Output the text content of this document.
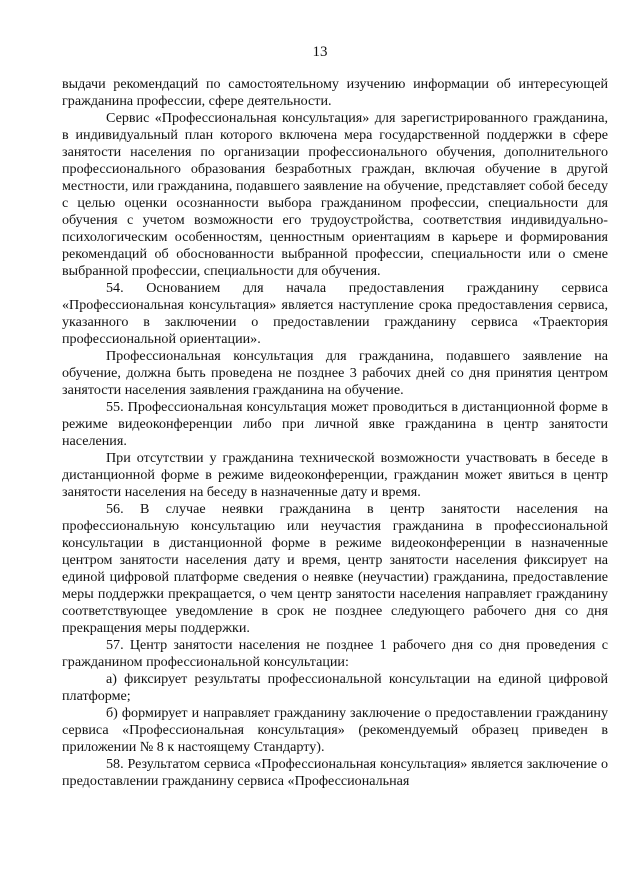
13

выдачи рекомендаций по самостоятельному изучению информации об интересующей гражданина профессии, сфере деятельности.

Сервис «Профессиональная консультация» для зарегистрированного гражданина, в индивидуальный план которого включена мера государственной поддержки в сфере занятости населения по организации профессионального обучения, дополнительного профессионального образования безработных граждан, включая обучение в другой местности, или гражданина, подавшего заявление на обучение, представляет собой беседу с целью оценки осознанности выбора гражданином профессии, специальности для обучения с учетом возможности его трудоустройства, соответствия индивидуально-психологическим особенностям, ценностным ориентациям в карьере и формирования рекомендаций об обоснованности выбранной профессии, специальности или о смене выбранной профессии, специальности для обучения.

54. Основанием для начала предоставления гражданину сервиса «Профессиональная консультация» является наступление срока предоставления сервиса, указанного в заключении о предоставлении гражданину сервиса «Траектория профессиональной ориентации».

Профессиональная консультация для гражданина, подавшего заявление на обучение, должна быть проведена не позднее 3 рабочих дней со дня принятия центром занятости населения заявления гражданина на обучение.

55. Профессиональная консультация может проводиться в дистанционной форме в режиме видеоконференции либо при личной явке гражданина в центр занятости населения.

При отсутствии у гражданина технической возможности участвовать в беседе в дистанционной форме в режиме видеоконференции, гражданин может явиться в центр занятости населения на беседу в назначенные дату и время.

56. В случае неявки гражданина в центр занятости населения на профессиональную консультацию или неучастия гражданина в профессиональной консультации в дистанционной форме в режиме видеоконференции в назначенные центром занятости населения дату и время, центр занятости населения фиксирует на единой цифровой платформе сведения о неявке (неучастии) гражданина, предоставление меры поддержки прекращается, о чем центр занятости населения направляет гражданину соответствующее уведомление в срок не позднее следующего рабочего дня со дня прекращения меры поддержки.

57. Центр занятости населения не позднее 1 рабочего дня со дня проведения с гражданином профессиональной консультации:

а) фиксирует результаты профессиональной консультации на единой цифровой платформе;

б) формирует и направляет гражданину заключение о предоставлении гражданину сервиса «Профессиональная консультация» (рекомендуемый образец приведен в приложении № 8 к настоящему Стандарту).

58. Результатом сервиса «Профессиональная консультация» является заключение о предоставлении гражданину сервиса «Профессиональная
